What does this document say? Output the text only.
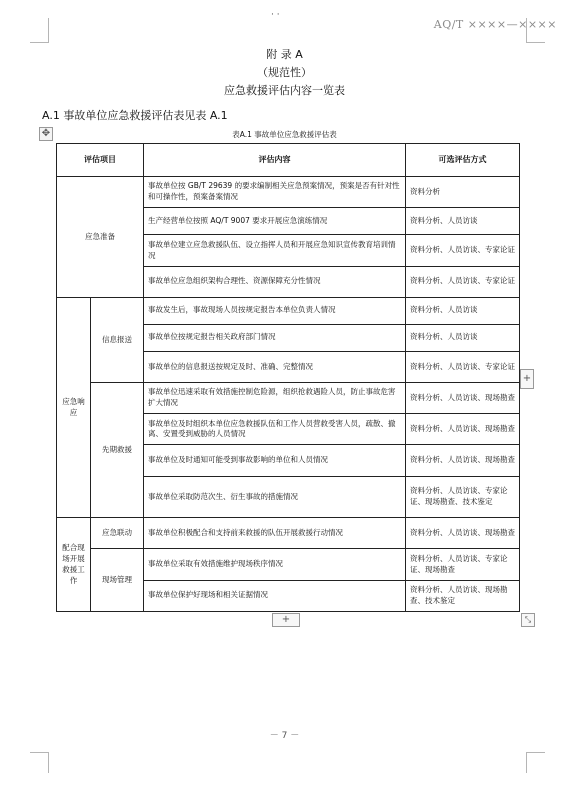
AQ/T ××××—××××
· ·
附 录 A
（规范性）
应急救援评估内容一览表
A.1 事故单位应急救援评估表见表 A.1
表A.1 事故单位应急救援评估表
✥
评估项目		评估内容	可选评估方式
应急准备		事故单位按 GB/T 29639 的要求编制相关应急预案情况，预案是否有针对性和可操作性，预案备案情况	资料分析
		生产经营单位按照 AQ/T 9007 要求开展应急演练情况	资料分析、人员访谈
		事故单位建立应急救援队伍、设立指挥人员和开展应急知识宣传教育培训情况	资料分析、人员访谈、专家论证
		事故单位应急组织架构合理性、资源保障充分性情况	资料分析、人员访谈、专家论证
应急响应	信息报送	事故发生后，事故现场人员按规定报告本单位负责人情况	资料分析、人员访谈
		事故单位按规定报告相关政府部门情况	资料分析、人员访谈
		事故单位的信息报送按规定及时、准确、完整情况	资料分析、人员访谈、专家论证
	先期救援	事故单位迅速采取有效措施控制危险源，组织抢救遇险人员，防止事故危害扩大情况	资料分析、人员访谈、现场勘查
		事故单位及时组织本单位应急救援队伍和工作人员营救受害人员，疏散、撤离、安置受到威胁的人员情况	资料分析、人员访谈、现场勘查
		事故单位及时通知可能受到事故影响的单位和人员情况	资料分析、人员访谈、现场勘查
		事故单位采取防范次生、衍生事故的措施情况	资料分析、人员访谈、专家论证、现场勘查、技术鉴定
配合现场开展救援工作	应急联动	事故单位积极配合和支持前来救援的队伍开展救援行动情况	资料分析、人员访谈、现场勘查
	现场管理	事故单位采取有效措施维护现场秩序情况	资料分析、人员访谈、专家论证、现场勘查
		事故单位保护好现场和相关证据情况	资料分析、人员访谈、现场勘查、技术鉴定
+
+	⤡
－ 7 －
